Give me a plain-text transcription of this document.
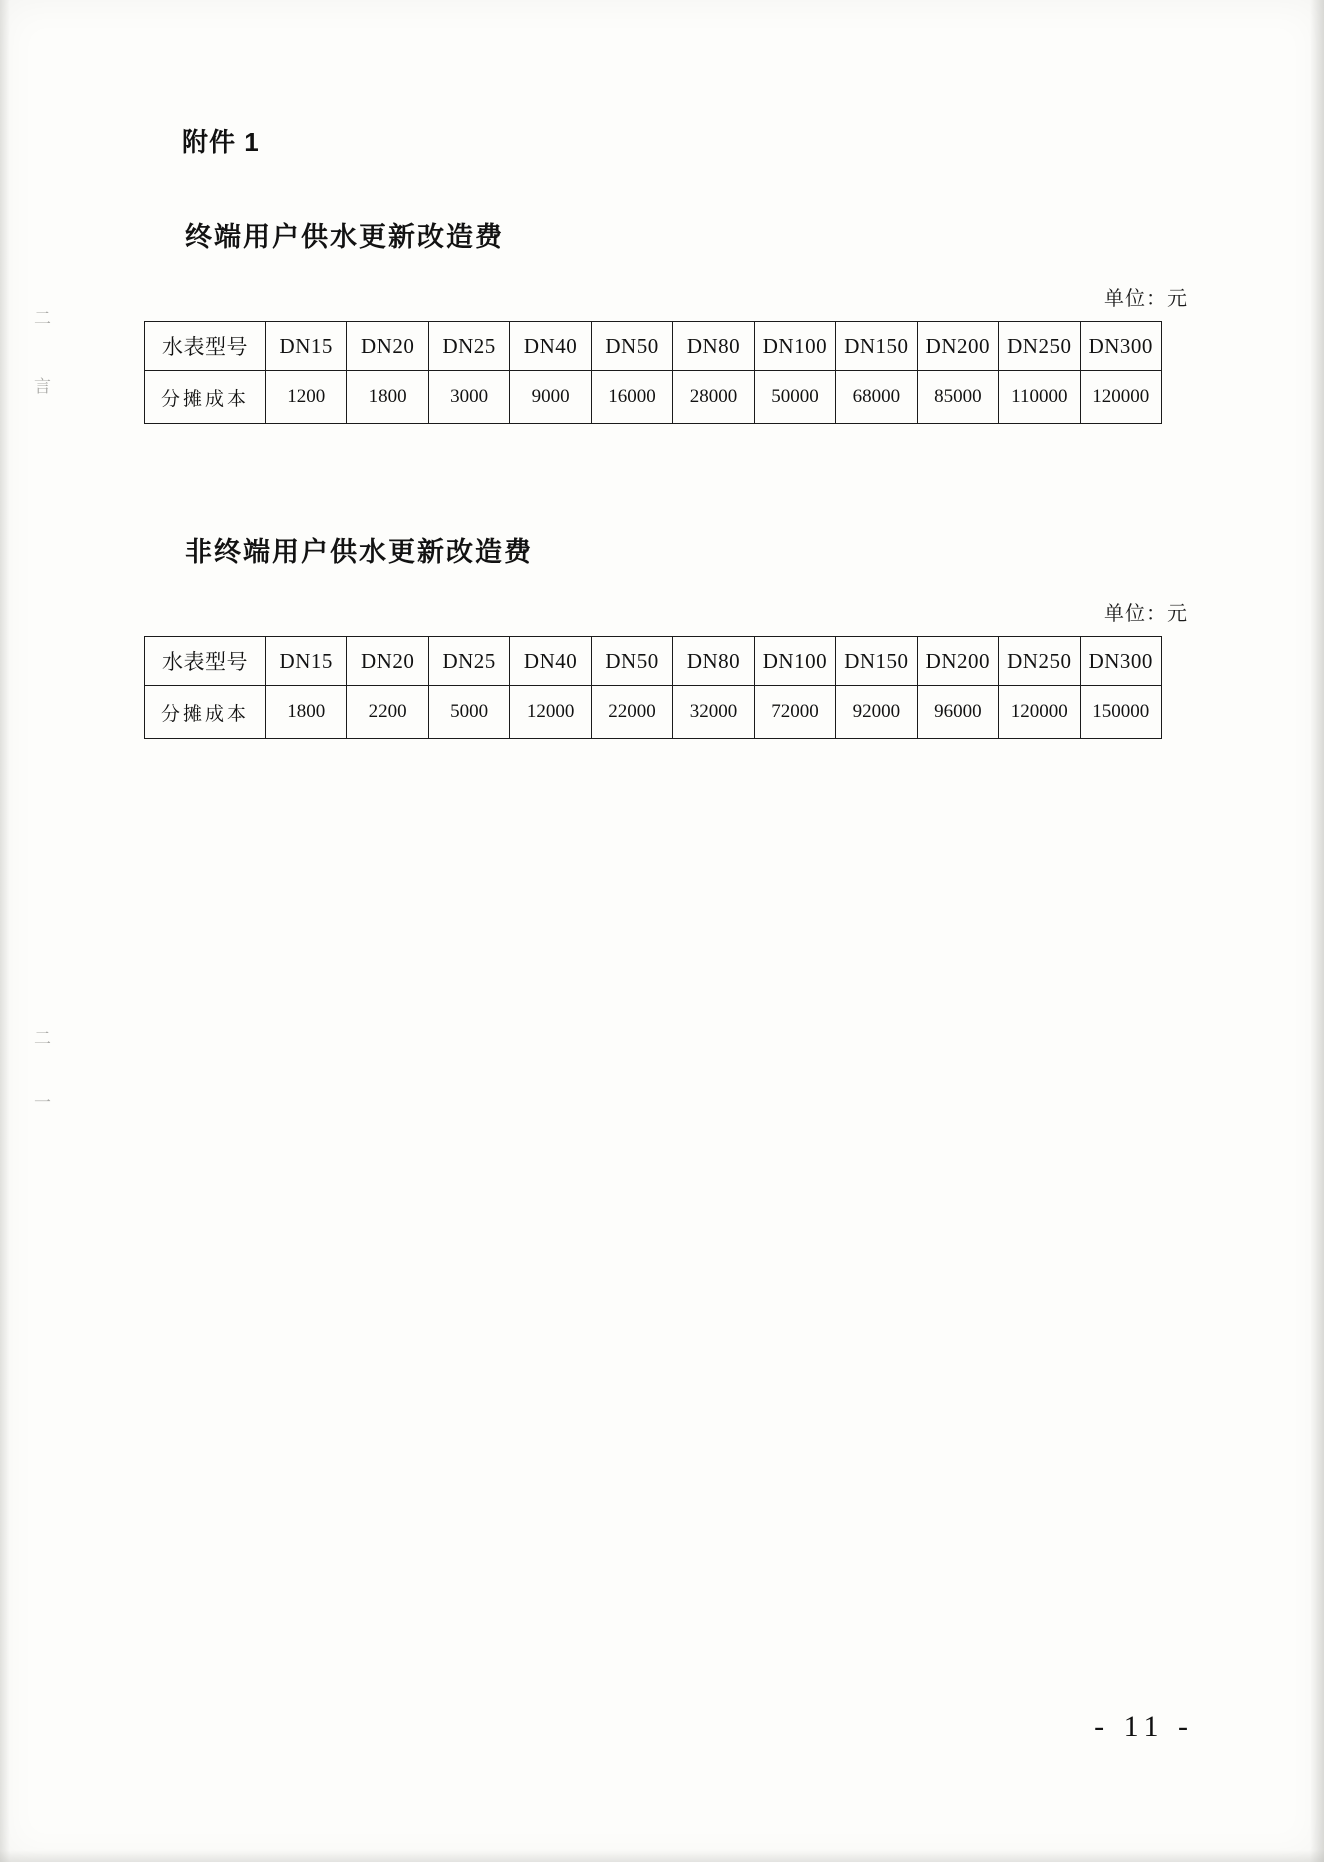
附件 1
二
言
二
一
终端用户供水更新改造费
单位：元
水表型号	DN15	DN20	DN25	DN40	DN50	DN80	DN100	DN150	DN200	DN250	DN300
分摊成本	1200	1800	3000	9000	16000	28000	50000	68000	85000	110000	120000
非终端用户供水更新改造费
单位：元
水表型号	DN15	DN20	DN25	DN40	DN50	DN80	DN100	DN150	DN200	DN250	DN300
分摊成本	1800	2200	5000	12000	22000	32000	72000	92000	96000	120000	150000
- 11 -
